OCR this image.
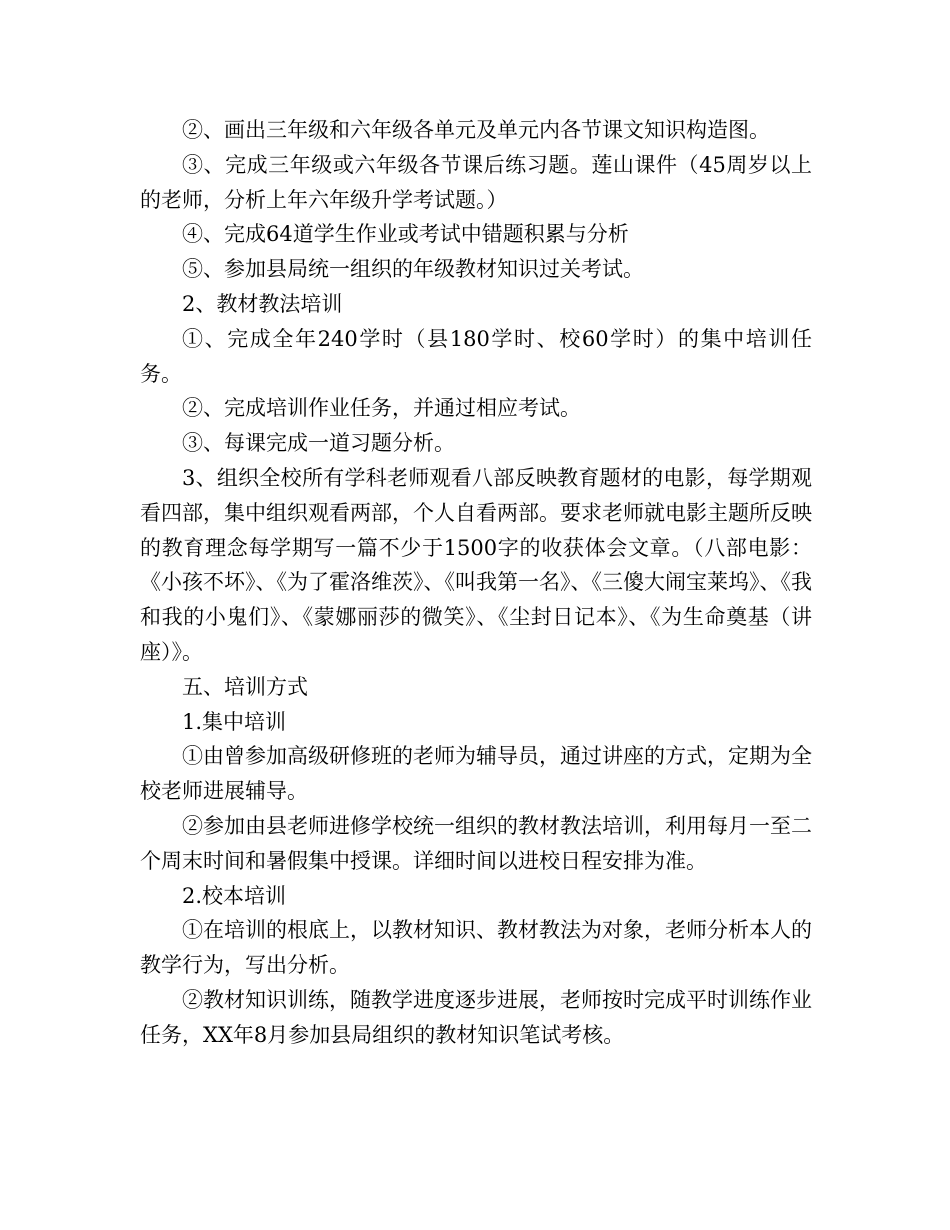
②、画出三年级和六年级各单元及单元内各节课文知识构造图。

③、完成三年级或六年级各节课后练习题。莲山课件（45周岁以上的老师，分析上年六年级升学考试题。）

④、完成64道学生作业或考试中错题积累与分析

⑤、参加县局统一组织的年级教材知识过关考试。

2、教材教法培训

①、完成全年240学时（县180学时、校60学时）的集中培训任务。

②、完成培训作业任务，并通过相应考试。

③、每课完成一道习题分析。

3、组织全校所有学科老师观看八部反映教育题材的电影，每学期观看四部，集中组织观看两部，个人自看两部。要求老师就电影主题所反映的教育理念每学期写一篇不少于1500字的收获体会文章。（八部电影：《小孩不坏》、《为了霍洛维茨》、《叫我第一名》、《三傻大闹宝莱坞》、《我和我的小鬼们》、《蒙娜丽莎的微笑》、《尘封日记本》、《为生命奠基（讲座）》。

五、培训方式

1.集中培训

①由曾参加高级研修班的老师为辅导员，通过讲座的方式，定期为全校老师进展辅导。

②参加由县老师进修学校统一组织的教材教法培训，利用每月一至二个周末时间和暑假集中授课。详细时间以进校日程安排为准。

2.校本培训

①在培训的根底上，以教材知识、教材教法为对象，老师分析本人的教学行为，写出分析。

②教材知识训练，随教学进度逐步进展，老师按时完成平时训练作业任务，XX年8月参加县局组织的教材知识笔试考核。
